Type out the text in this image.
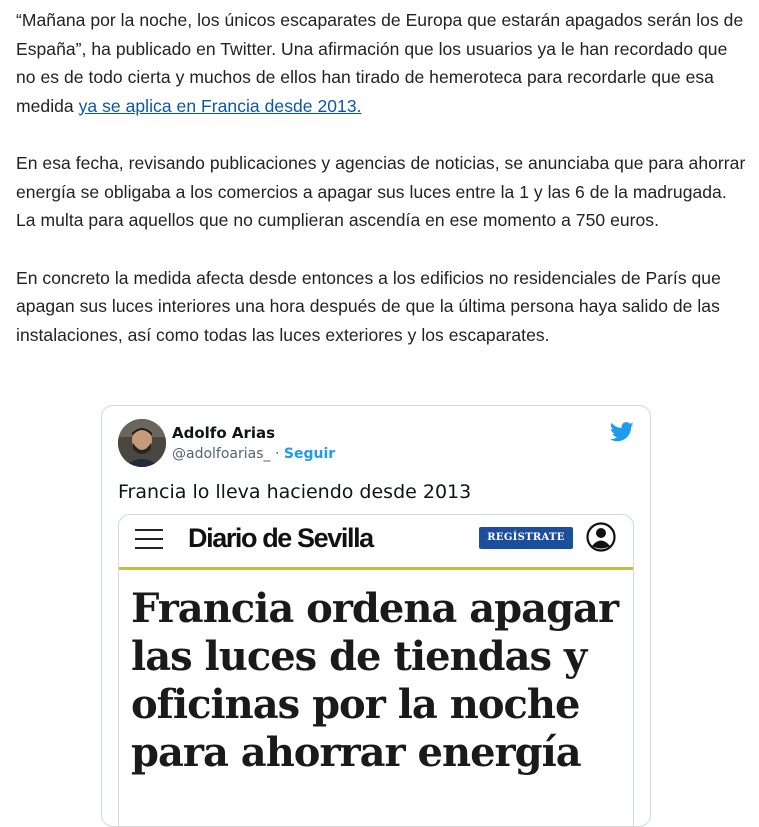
“Mañana por la noche, los únicos escaparates de Europa que estarán apagados serán los de España”, ha publicado en Twitter. Una afirmación que los usuarios ya le han recordado que no es de todo cierta y muchos de ellos han tirado de hemeroteca para recordarle que esa medida ya se aplica en Francia desde 2013.

En esa fecha, revisando publicaciones y agencias de noticias, se anunciaba que para ahorrar energía se obligaba a los comercios a apagar sus luces entre la 1 y las 6 de la madrugada. La multa para aquellos que no cumplieran ascendía en ese momento a 750 euros.

En concreto la medida afecta desde entonces a los edificios no residenciales de París que apagan sus luces interiores una hora después de que la última persona haya salido de las instalaciones, así como todas las luces exteriores y los escaparates.

Adolfo Arias
@adolfoarias_ · Seguir
Francia lo lleva haciendo desde 2013
Diario de Sevilla	REGÍSTRATE
Francia ordena apagar las luces de tiendas y oficinas por la noche para ahorrar energía
